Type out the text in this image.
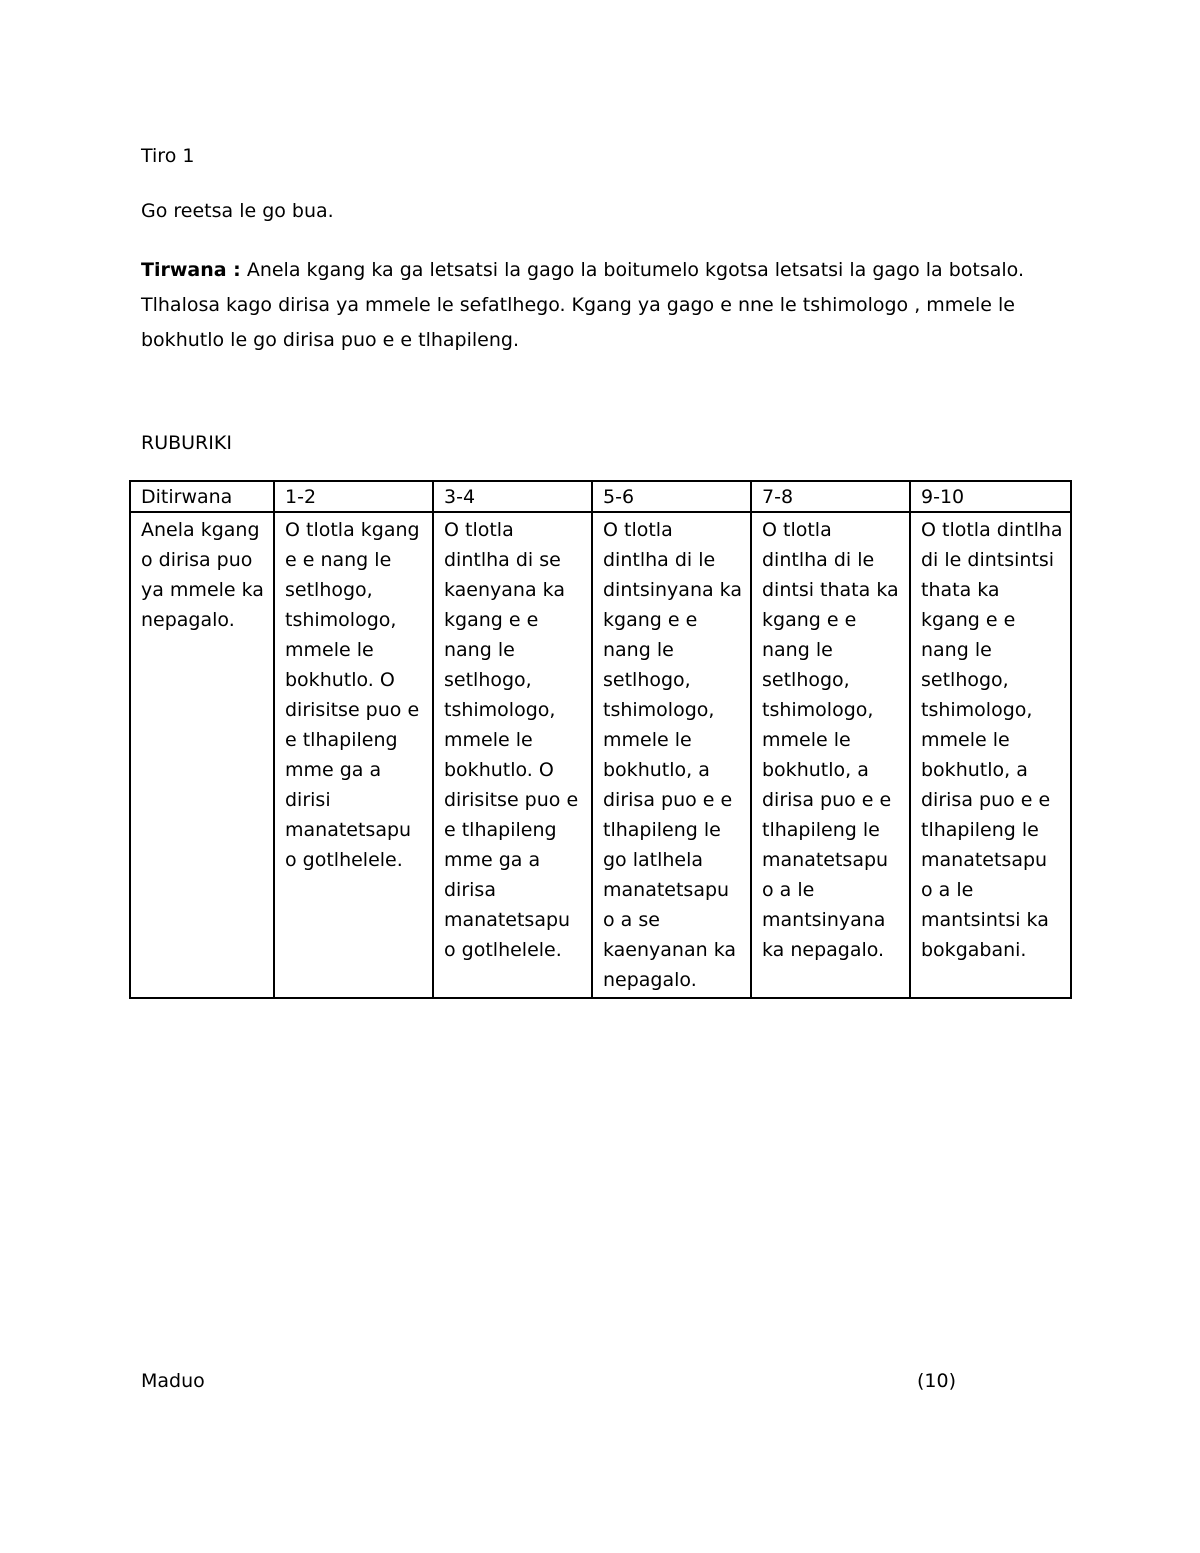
Tiro 1

Go reetsa le go bua.

Tirwana : Anela kgang ka ga letsatsi la gago la boitumelo kgotsa letsatsi la gago la botsalo. Tlhalosa kago dirisa ya mmele le sefatlhego. Kgang ya gago e nne le tshimologo , mmele le bokhutlo le go dirisa puo e e tlhapileng.

RUBURIKI

Ditirwana	1-2	3-4	5-6	7-8	9-10
Anela kgang o dirisa puo ya mmele ka nepagalo.	O tlotla kgang e e nang le setlhogo, tshimologo, mmele le bokhutlo. O dirisitse puo e e tlhapileng mme ga a dirisi manatetsapu o gotlhelele.	O tlotla dintlha di se kaenyana ka kgang e e nang le setlhogo, tshimologo, mmele le bokhutlo. O dirisitse puo e e tlhapileng mme ga a dirisa manatetsapu o gotlhelele.	O tlotla dintlha di le dintsinyana ka kgang e e nang le setlhogo, tshimologo, mmele le bokhutlo, a dirisa puo e e tlhapileng le go latlhela manatetsapu o a se kaenyanan ka nepagalo.	O tlotla dintlha di le dintsi thata ka kgang e e nang le setlhogo, tshimologo, mmele le bokhutlo, a dirisa puo e e tlhapileng le manatetsapu o a le mantsinyana ka nepagalo.	O tlotla dintlha di le dintsintsi thata ka kgang e e nang le setlhogo, tshimologo, mmele le bokhutlo, a dirisa puo e e tlhapileng le manatetsapu o a le mantsintsi ka bokgabani.

Maduo	(10)
